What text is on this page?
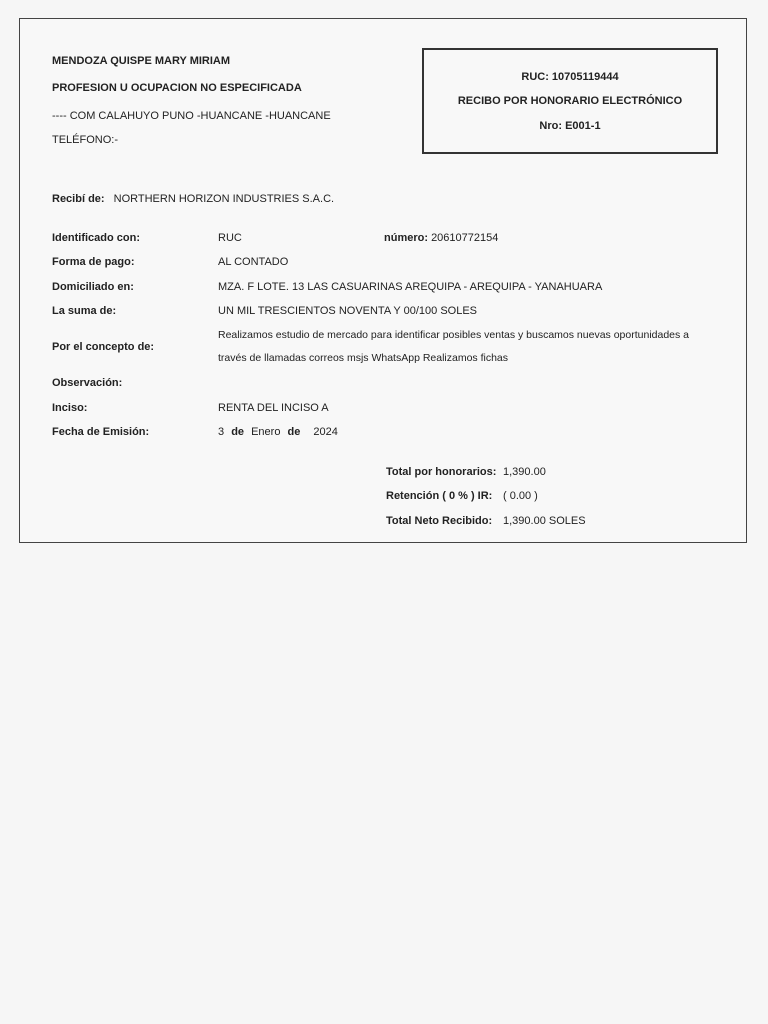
MENDOZA QUISPE MARY MIRIAM
PROFESION U OCUPACION NO ESPECIFICADA
---- COM CALAHUYO PUNO -HUANCANE -HUANCANE
TELÉFONO:-
RUC: 10705119444
RECIBO POR HONORARIO ELECTRÓNICO
Nro: E001-1
Recibí de: NORTHERN HORIZON INDUSTRIES S.A.C.
Identificado con:	RUC	número: 20610772154
Forma de pago:	AL CONTADO
Domiciliado en:	MZA. F LOTE. 13 LAS CASUARINAS AREQUIPA - AREQUIPA - YANAHUARA
La suma de:	UN MIL TRESCIENTOS NOVENTA Y 00/100 SOLES
Por el concepto de:
Realizamos estudio de mercado para identificar posibles ventas y buscamos nuevas oportunidades a
través de llamadas correos msjs WhatsApp Realizamos fichas
Observación:
Inciso:	RENTA DEL INCISO A
Fecha de Emisión:	3 de Enero de 2024
Total por honorarios: 1,390.00
Retención ( 0 % ) IR: ( 0.00 )
Total Neto Recibido: 1,390.00 SOLES
